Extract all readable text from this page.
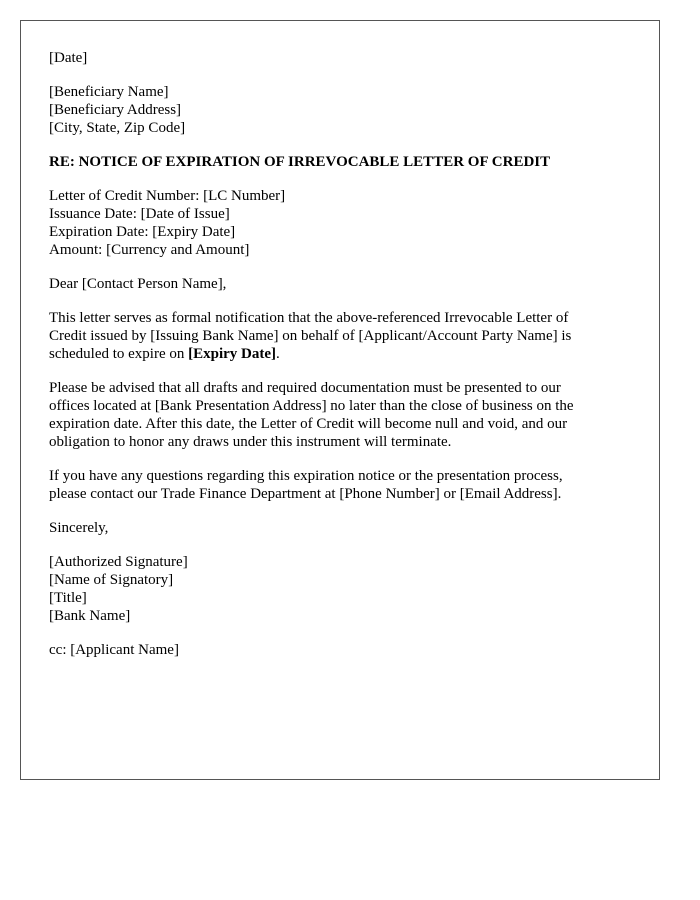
[Date]
[Beneficiary Name]
[Beneficiary Address]
[City, State, Zip Code]
RE: NOTICE OF EXPIRATION OF IRREVOCABLE LETTER OF CREDIT
Letter of Credit Number: [LC Number]
Issuance Date: [Date of Issue]
Expiration Date: [Expiry Date]
Amount: [Currency and Amount]
Dear [Contact Person Name],
This letter serves as formal notification that the above-referenced Irrevocable Letter of
Credit issued by [Issuing Bank Name] on behalf of [Applicant/Account Party Name] is
scheduled to expire on [Expiry Date].
Please be advised that all drafts and required documentation must be presented to our
offices located at [Bank Presentation Address] no later than the close of business on the
expiration date. After this date, the Letter of Credit will become null and void, and our
obligation to honor any draws under this instrument will terminate.
If you have any questions regarding this expiration notice or the presentation process,
please contact our Trade Finance Department at [Phone Number] or [Email Address].
Sincerely,
[Authorized Signature]
[Name of Signatory]
[Title]
[Bank Name]
cc: [Applicant Name]
